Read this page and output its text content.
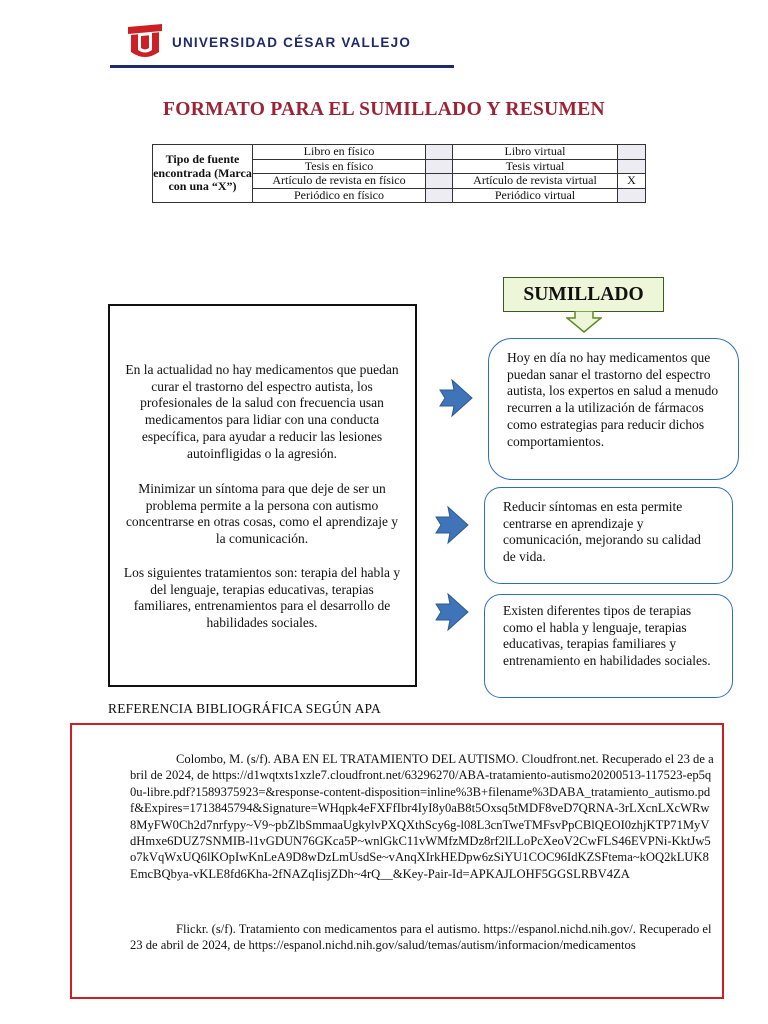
UNIVERSIDAD CÉSAR VALLEJO
FORMATO PARA EL SUMILLADO Y RESUMEN
Tipo de fuente encontrada (Marca con una “X”)	Libro en físico		Libro virtual	
	Tesis en físico		Tesis virtual	
	Artículo de revista en físico		Artículo de revista virtual	X
	Periódico en físico		Periódico virtual	
SUMILLADO
En la actualidad no hay medicamentos que puedan curar el trastorno del espectro autista, los profesionales de la salud con frecuencia usan medicamentos para lidiar con una conducta específica, para ayudar a reducir las lesiones autoinfligidas o la agresión.
Minimizar un síntoma para que deje de ser un problema permite a la persona con autismo concentrarse en otras cosas, como el aprendizaje y la comunicación.
Los siguientes tratamientos son: terapia del habla y del lenguaje, terapias educativas, terapias familiares, entrenamientos para el desarrollo de habilidades sociales.
Hoy en día no hay medicamentos que puedan sanar el trastorno del espectro autista, los expertos en salud a menudo recurren a la utilización de fármacos como estrategias para reducir dichos comportamientos.
Reducir síntomas en esta permite centrarse en aprendizaje y comunicación, mejorando su calidad de vida.
Existen diferentes tipos de terapias como el habla y lenguaje, terapias educativas, terapias familiares y entrenamiento en habilidades sociales.
REFERENCIA BIBLIOGRÁFICA SEGÚN APA
Colombo, M. (s/f). ABA EN EL TRATAMIENTO DEL AUTISMO. Cloudfront.net. Recuperado el 23 de abril de 2024, de https://d1wqtxts1xzle7.cloudfront.net/63296270/ABA-tratamiento-autismo20200513-117523-ep5q0u-libre.pdf?1589375923=&response-content-disposition=inline%3B+filename%3DABA_tratamiento_autismo.pdf&Expires=1713845794&Signature=WHqpk4eFXFfIbr4IyI8y0aB8t5Oxsq5tMDF8veD7QRNA-3rLXcnLXcWRw8MyFW0Ch2d7nrfypy~V9~pbZlbSmmaaUgkylvPXQXthScy6g-l08L3cnTweTMFsvPpCBlQEOI0zhjKTP71MyVdHmxe6DUZ7SNMIB-l1vGDUN76GKca5P~wnlGkC11vWMfzMDz8rf2lLLoPcXeoV2CwFLS46EVPNi-KktJw5o7kVqWxUQ6lKOpIwKnLeA9D8wDzLmUsdSe~vAnqXIrkHEDpw6zSiYU1COC96IdKZSFtema~kOQ2kLUK8EmcBQbya-vKLE8fd6Kha-2fNAZqIisjZDh~4rQ__&Key-Pair-Id=APKAJLOHF5GGSLRBV4ZA
Flickr. (s/f). Tratamiento con medicamentos para el autismo. https://espanol.nichd.nih.gov/. Recuperado el 23 de abril de 2024, de https://espanol.nichd.nih.gov/salud/temas/autism/informacion/medicamentos
